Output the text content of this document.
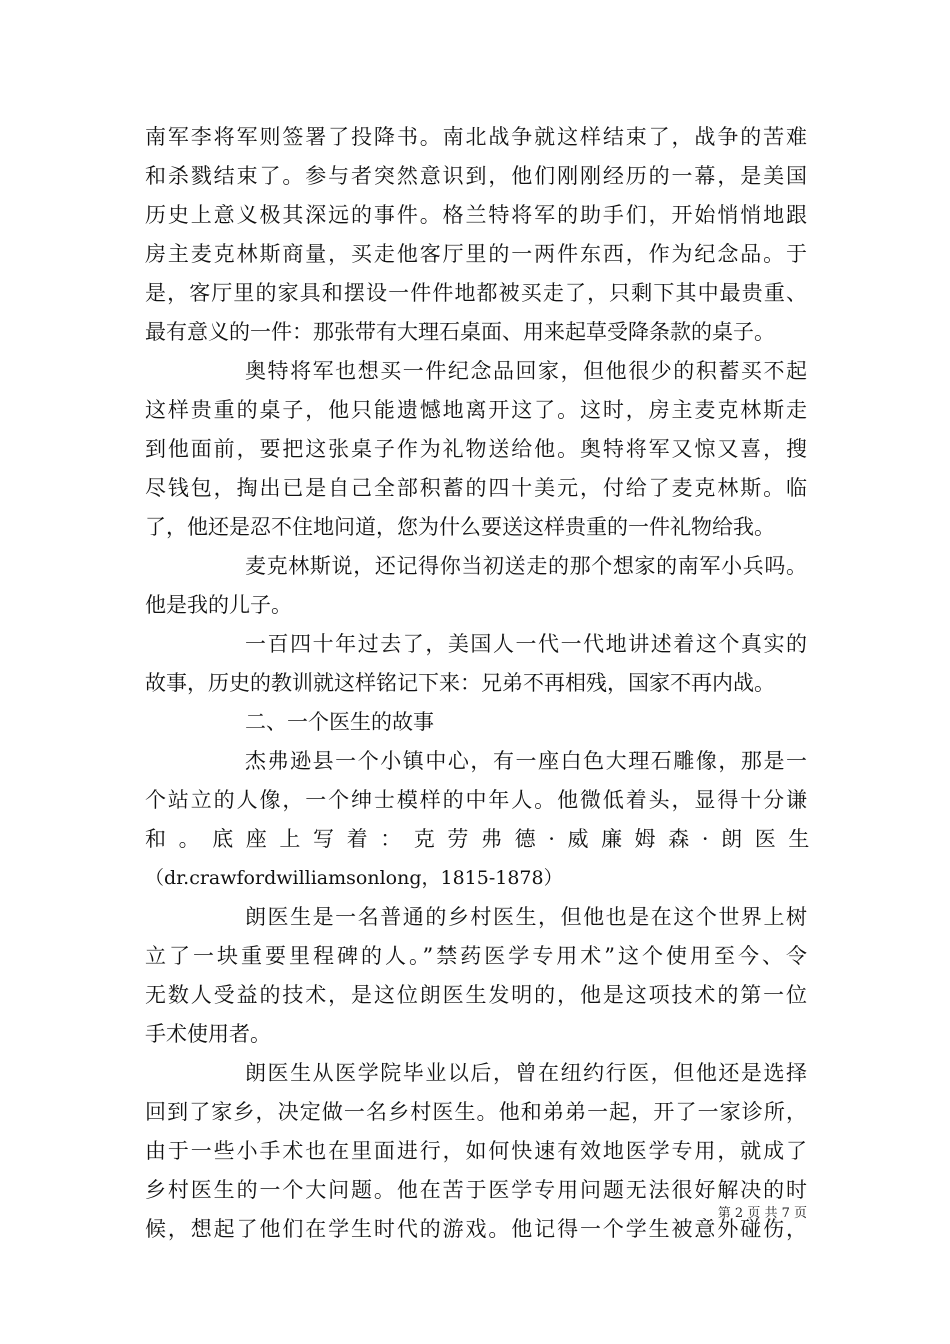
南军李将军则签署了投降书。南北战争就这样结束了，战争的苦难
和杀戮结束了。参与者突然意识到，他们刚刚经历的一幕，是美国
历史上意义极其深远的事件。格兰特将军的助手们，开始悄悄地跟
房主麦克林斯商量，买走他客厅里的一两件东西，作为纪念品。于
是，客厅里的家具和摆设一件件地都被买走了，只剩下其中最贵重、
最有意义的一件：那张带有大理石桌面、用来起草受降条款的桌子。
奥特将军也想买一件纪念品回家，但他很少的积蓄买不起
这样贵重的桌子，他只能遗憾地离开这了。这时，房主麦克林斯走
到他面前，要把这张桌子作为礼物送给他。奥特将军又惊又喜，搜
尽钱包，掏出已是自己全部积蓄的四十美元，付给了麦克林斯。临
了，他还是忍不住地问道，您为什么要送这样贵重的一件礼物给我。
麦克林斯说，还记得你当初送走的那个想家的南军小兵吗。
他是我的儿子。
一百四十年过去了，美国人一代一代地讲述着这个真实的
故事，历史的教训就这样铭记下来：兄弟不再相残，国家不再内战。
二、一个医生的故事
杰弗逊县一个小镇中心，有一座白色大理石雕像，那是一
个站立的人像，一个绅士模样的中年人。他微低着头，显得十分谦
和。底座上写着：克劳弗德·威廉姆森·朗医生
（dr.crawfordwilliamsonlong，1815-1878）
朗医生是一名普通的乡村医生，但他也是在这个世界上树
立了一块重要里程碑的人。”禁药医学专用术”这个使用至今、令
无数人受益的技术，是这位朗医生发明的，他是这项技术的第一位
手术使用者。
朗医生从医学院毕业以后，曾在纽约行医，但他还是选择
回到了家乡，决定做一名乡村医生。他和弟弟一起，开了一家诊所，
由于一些小手术也在里面进行，如何快速有效地医学专用，就成了
乡村医生的一个大问题。他在苦于医学专用问题无法很好解决的时
候，想起了他们在学生时代的游戏。他记得一个学生被意外碰伤，
第 2 页 共 7 页
